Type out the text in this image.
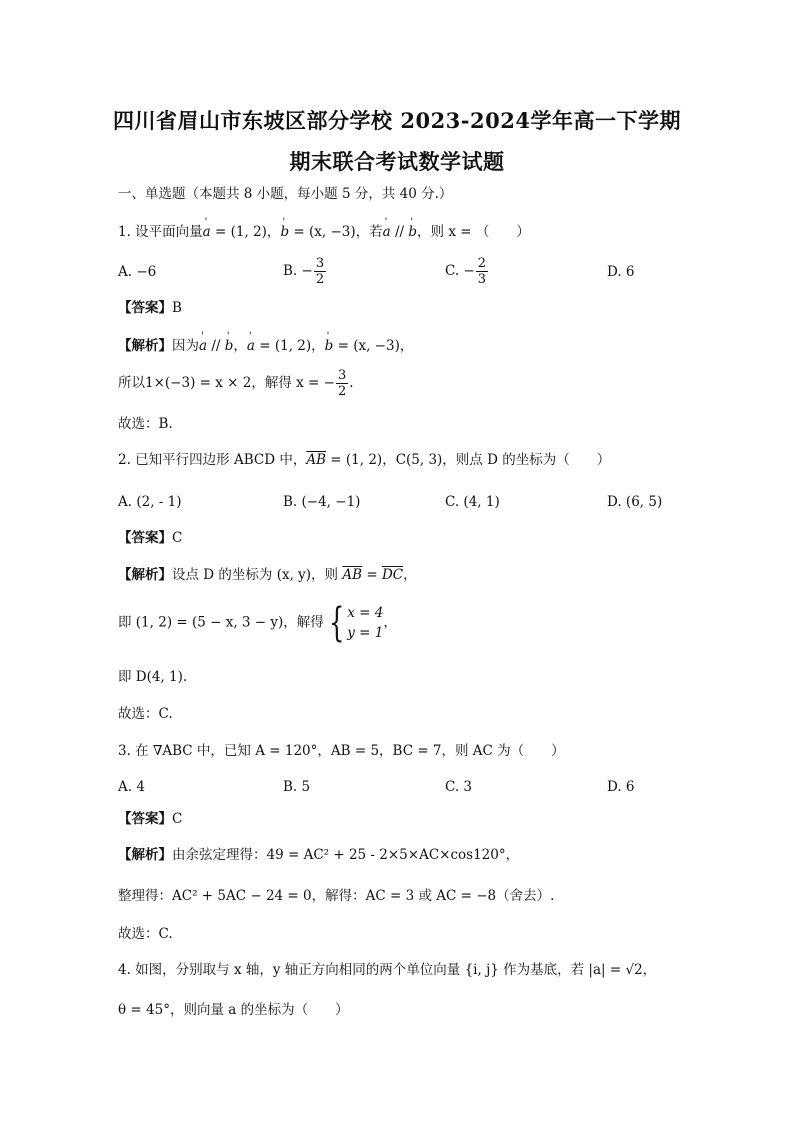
四川省眉山市东坡区部分学校 2023-2024学年高一下学期
期末联合考试数学试题
一、单选题（本题共 8 小题，每小题 5 分，共 40 分.）
1. 设平面向量' a = (1, 2)，' b = (x, −3)，若' a // ' b，则 x = （　　）
A. −6	B. − $\frac{3}{2}$	C. − $\frac{2}{3}$	D. 6
【答案】B
【解析】因为' a // ' b，' a = (1, 2)，' b = (x, −3)，
所以1×(−3) = x × 2，解得 x = − $\frac{3}{2}$ .
故选：B.
2. 已知平行四边形 ABCD 中，$\overline{AB} = (1$, 2)，C(5, 3)，则点 D 的坐标为（　　）
A. (2, - 1)	B. (−4, −1)	C. (4, 1)	D. (6, 5)
【答案】C
【解析】设点 D 的坐标为 (x, y)，则 $\overline{AB} = \overline{DC}$，
即 (1, 2) = (5 − x, 3 − y)，解得 { x = 4
y = 1
，
即 D(4, 1).
故选：C.
3. 在 ∇ABC 中，已知 A = 120°，AB = 5，BC = 7，则 AC 为（　　）
A. 4	B. 5	C. 3	D. 6
【答案】C
【解析】由余弦定理得：49 = AC² + 25 - 2×5×AC×cos120°，
整理得：AC² + 5AC − 24 = 0，解得：AC = 3 或 AC = −8（舍去）.
故选：C.
4. 如图，分别取与 x 轴，y 轴正方向相同的两个单位向量 {i, j} 作为基底，若 |a| = √2，
θ = 45°，则向量 a 的坐标为（　　）
